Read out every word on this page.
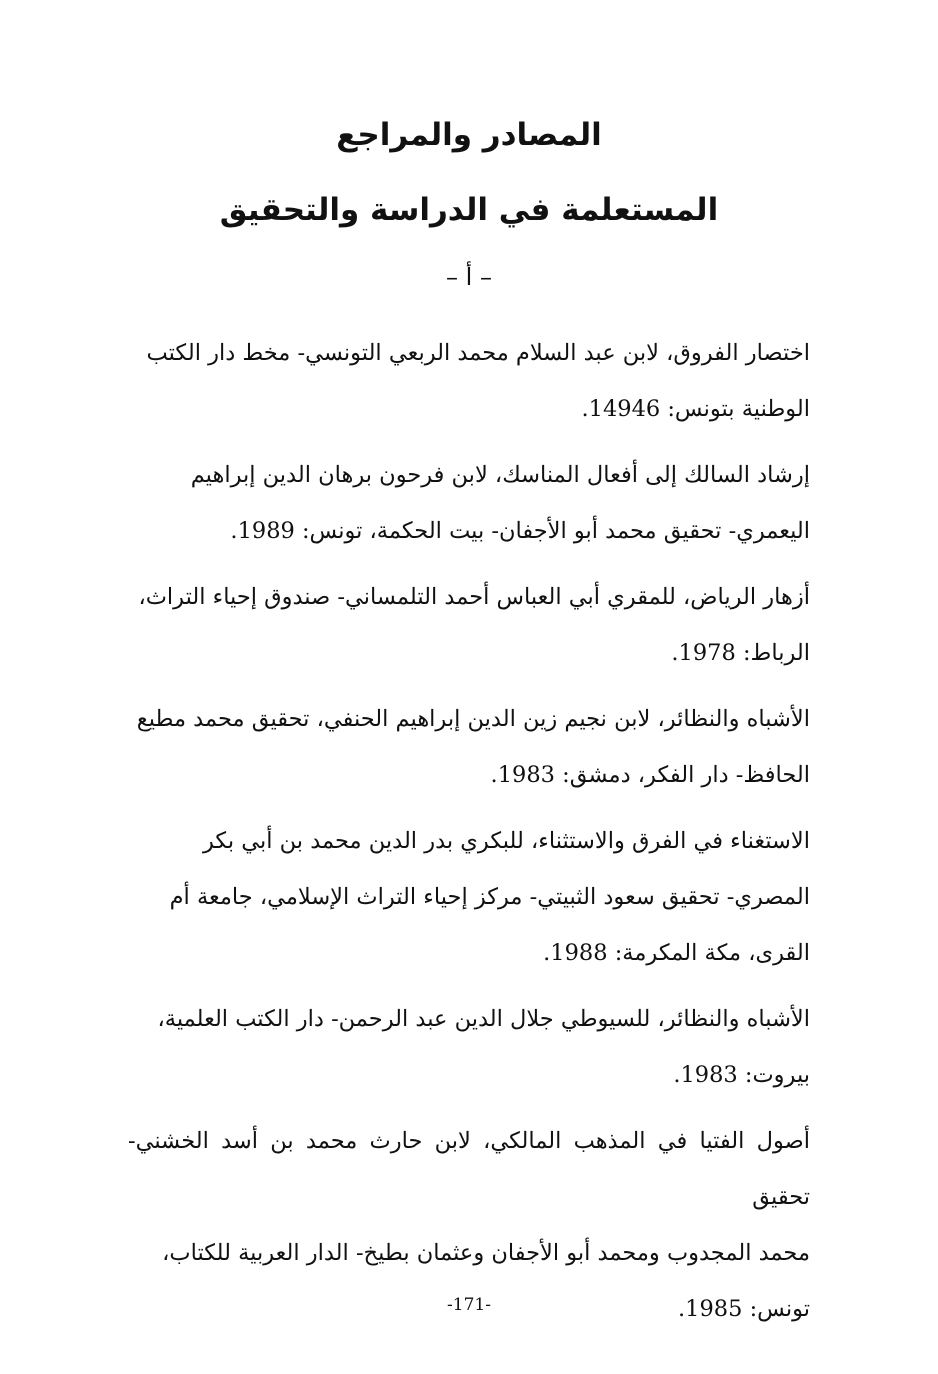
المصادر والمراجع
المستعلمة في الدراسة والتحقيق
– أ –
اختصار الفروق، لابن عبد السلام محمد الربعي التونسي- مخط دار الكتب
الوطنية بتونس: 14946.
إرشاد السالك إلى أفعال المناسك، لابن فرحون برهان الدين إبراهيم
اليعمري- تحقيق محمد أبو الأجفان- بيت الحكمة، تونس: 1989.
أزهار الرياض، للمقري أبي العباس أحمد التلمساني- صندوق إحياء التراث،
الرباط: 1978.
الأشباه والنظائر، لابن نجيم زين الدين إبراهيم الحنفي، تحقيق محمد مطيع
الحافظ- دار الفكر، دمشق: 1983.
الاستغناء في الفرق والاستثناء، للبكري بدر الدين محمد بن أبي بكر
المصري- تحقيق سعود الثبيتي- مركز إحياء التراث الإسلامي، جامعة أم
القرى، مكة المكرمة: 1988.
الأشباه والنظائر، للسيوطي جلال الدين عبد الرحمن- دار الكتب العلمية،
بيروت: 1983.
أصول الفتيا في المذهب المالكي، لابن حارث محمد بن أسد الخشني- تحقيق
محمد المجدوب ومحمد أبو الأجفان وعثمان بطيخ- الدار العربية للكتاب،
تونس: 1985.
-171-
